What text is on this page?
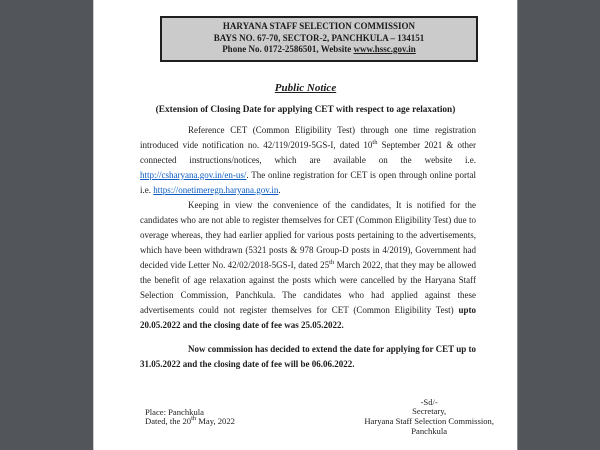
HARYANA STAFF SELECTION COMMISSION
BAYS NO. 67-70, SECTOR-2, PANCHKULA – 134151
Phone No. 0172-2586501, Website www.hssc.gov.in
Public Notice
(Extension of Closing Date for applying CET with respect to age relaxation)

Reference CET (Common Eligibility Test) through one time registration introduced vide notification no. 42/119/2019-5GS-I, dated 10th September 2021 & other connected instructions/notices, which are available on the website i.e. http://csharyana.gov.in/en-us/. The online registration for CET is open through online portal i.e. https://onetimeregn.haryana.gov.in.

Keeping in view the convenience of the candidates, It is notified for the candidates who are not able to register themselves for CET (Common Eligibility Test) due to overage whereas, they had earlier applied for various posts pertaining to the advertisements, which have been withdrawn (5321 posts & 978 Group-D posts in 4/2019), Government had decided vide Letter No. 42/02/2018-5GS-I, dated 25th March 2022, that they may be allowed the benefit of age relaxation against the posts which were cancelled by the Haryana Staff Selection Commission, Panchkula. The candidates who had applied against these advertisements could not register themselves for CET (Common Eligibility Test) upto 20.05.2022 and the closing date of fee was 25.05.2022.

Now commission has decided to extend the date for applying for CET up to 31.05.2022 and the closing date of fee will be 06.06.2022.

Place: Panchkula
Dated, the 20th May, 2022
-Sd/-
Secretary,
Haryana Staff Selection Commission,
Panchkula
